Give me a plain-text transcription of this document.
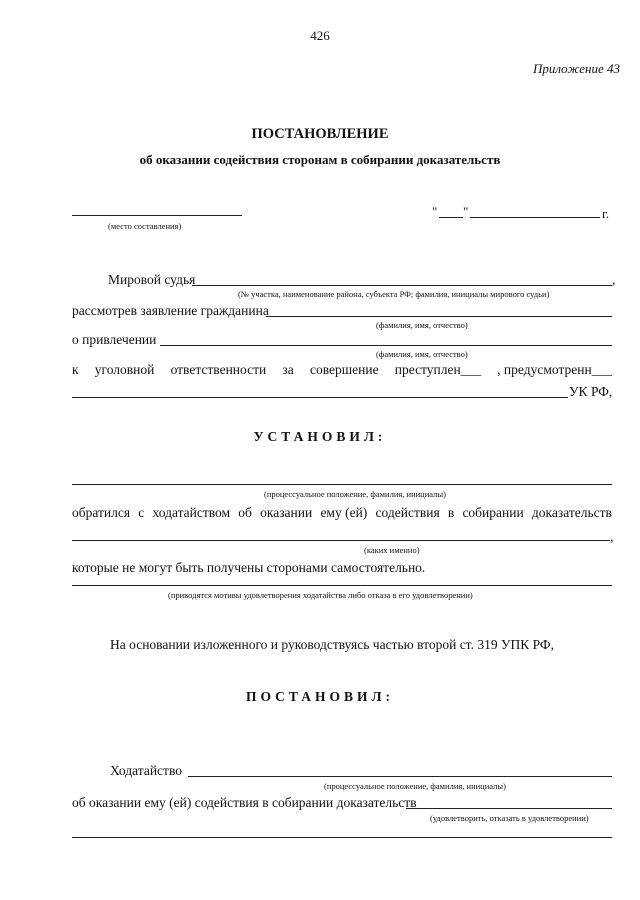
426
Приложение 43
ПОСТАНОВЛЕНИЕ
об оказании содействия сторонам в собирании доказательств
(место составления)
" "	г.
Мировой судья	,
(№ участка, наименование района, субъекта РФ; фамилия, инициалы мирового судьи)
рассмотрев заявление гражданина
(фамилия, имя, отчество)
о привлечении
(фамилия, имя, отчество)
к уголовной ответственности за совершение преступлен___ , предусмотренн___
УК РФ,
УСТАНОВИЛ:
(процессуальное положение, фамилия, инициалы)
обратился с ходатайством об оказании ему (ей) содействия в собирании доказательств
,
(каких именно)
которые не могут быть получены сторонами самостоятельно.
(приводятся мотивы удовлетворения ходатайства либо отказа в его удовлетворении)
На основании изложенного и руководствуясь частью второй ст. 319 УПК РФ,
ПОСТАНОВИЛ:
Ходатайство
(процессуальное положение, фамилия, инициалы)
об оказании ему (ей) содействия в собирании доказательств
(удовлетворить, отказать в удовлетворении)
